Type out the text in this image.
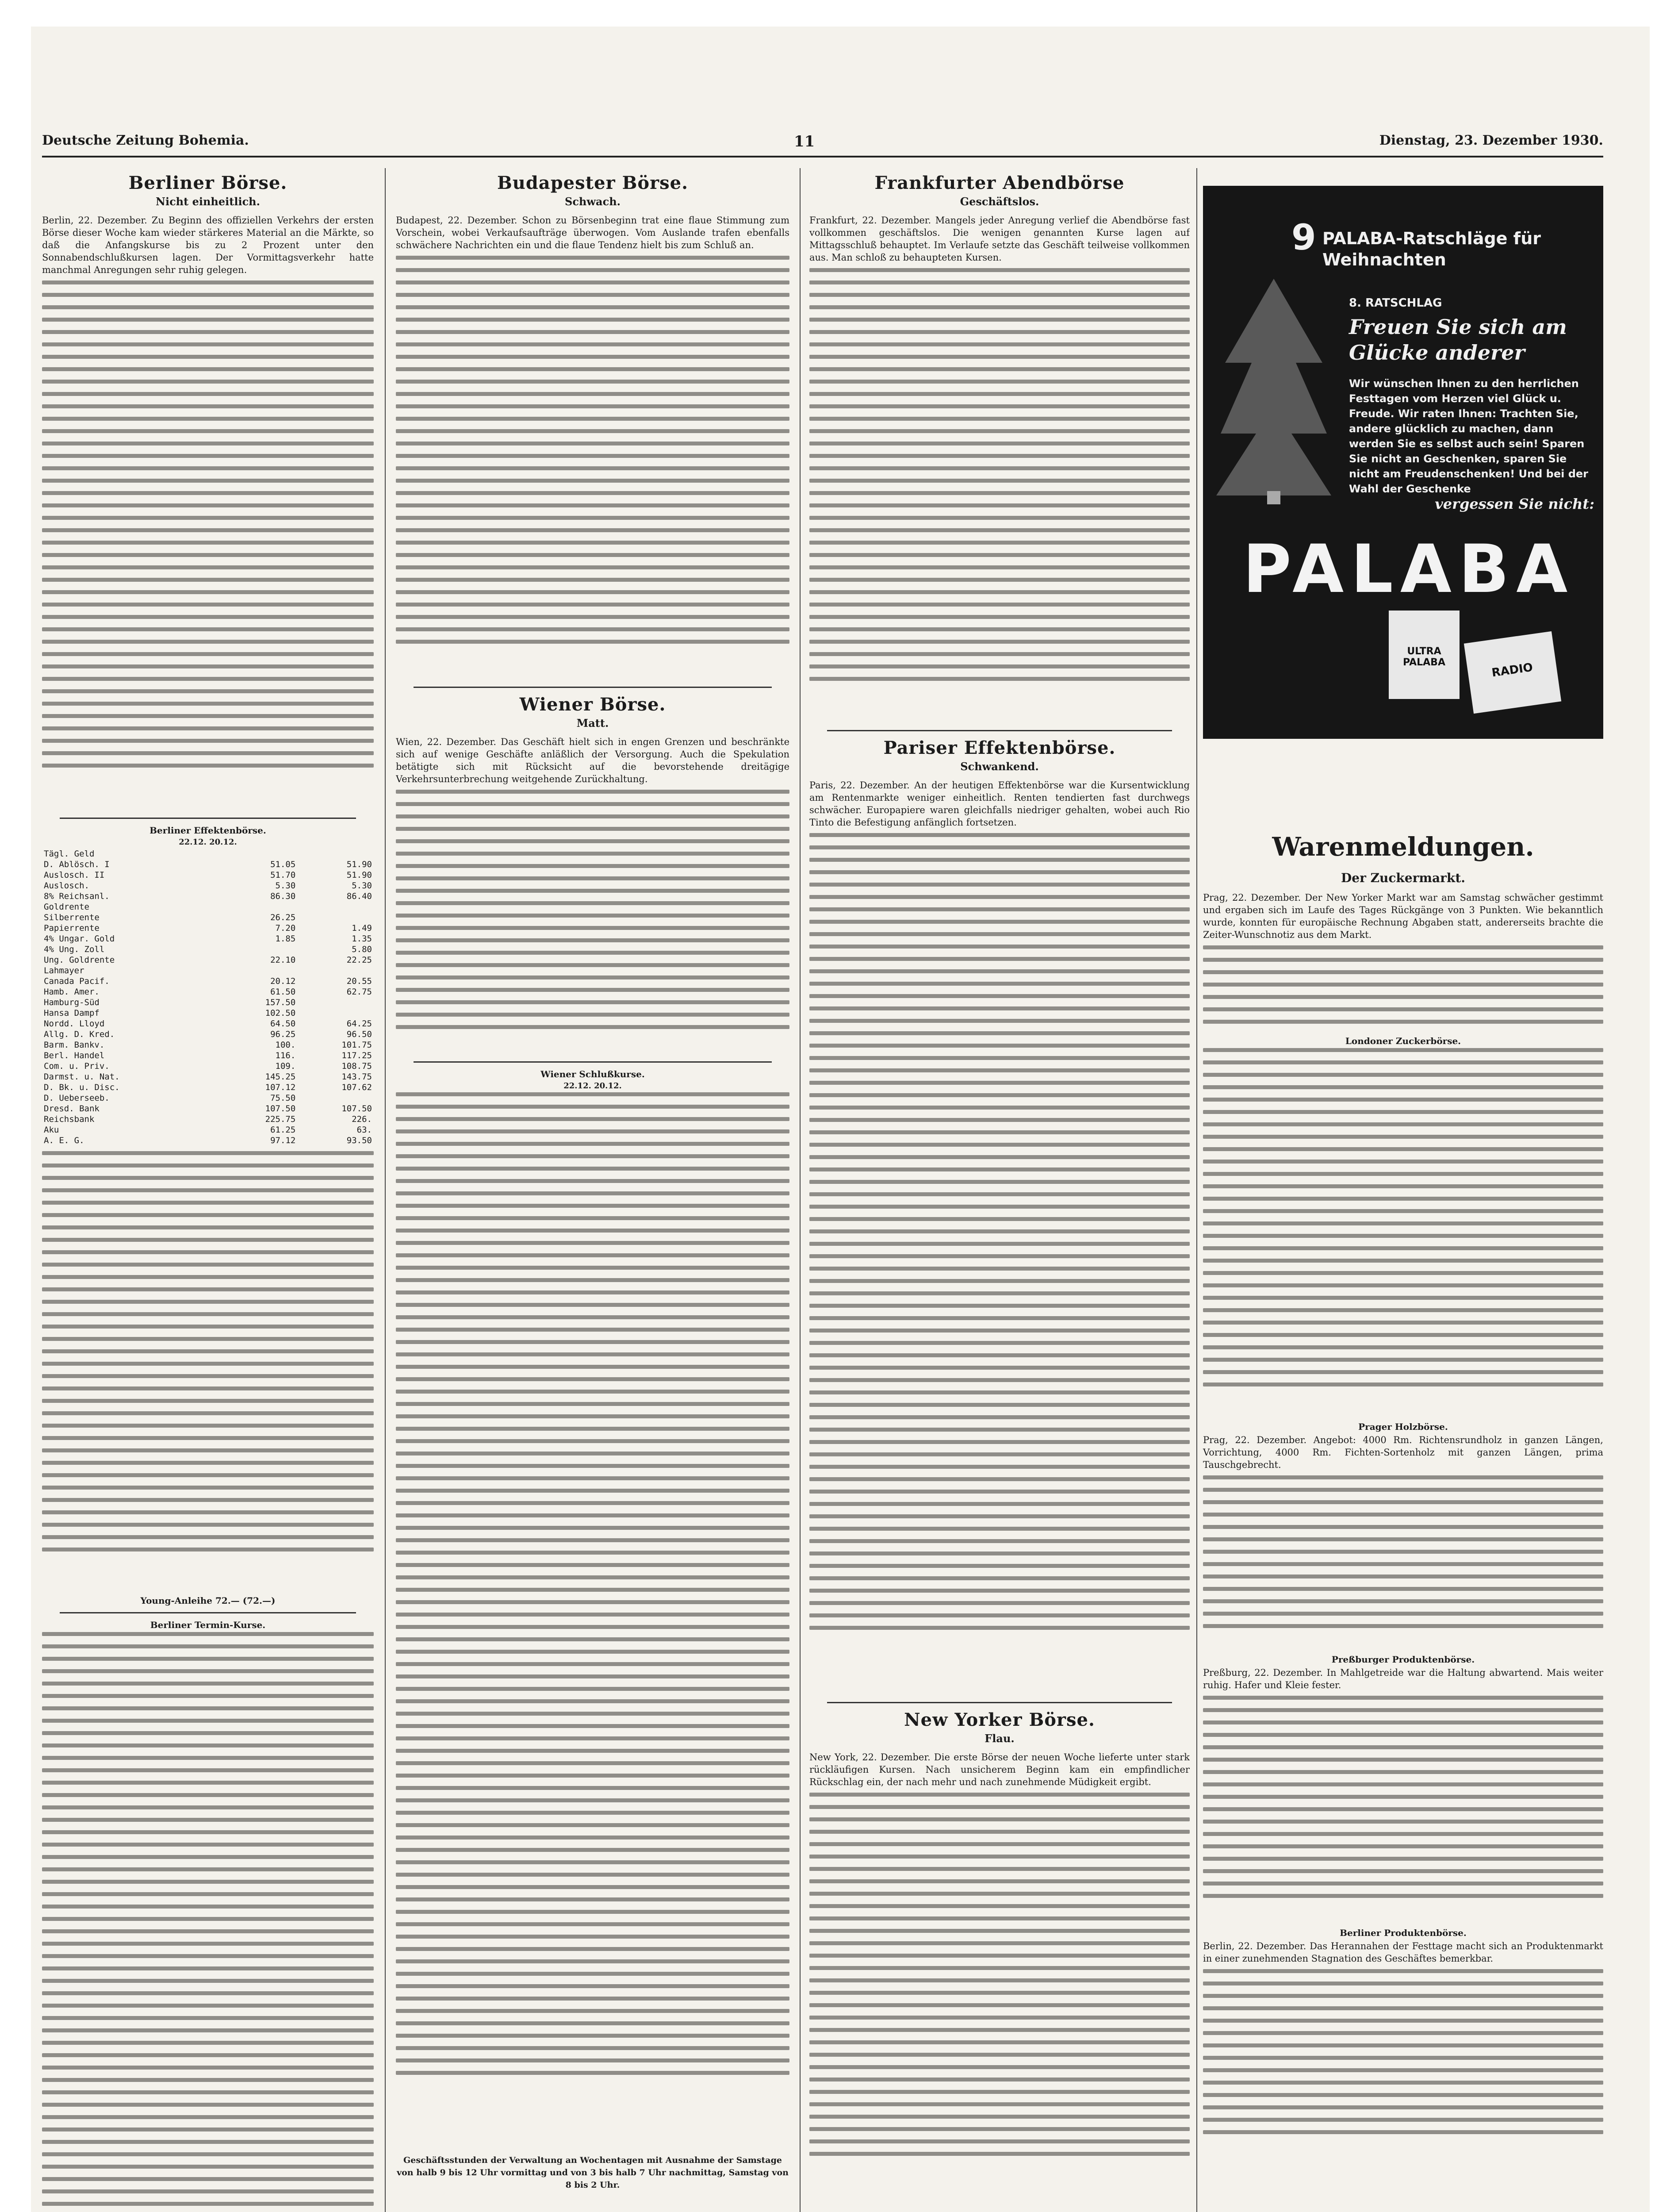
Deutsche Zeitung Bohemia.	11	Dienstag, 23. Dezember 1930.
Berliner Börse.
Nicht einheitlich.

Berlin, 22. Dezember. Zu Beginn des offiziellen Verkehrs der ersten Börse dieser Woche kam wieder stärkeres Material an die Märkte, so daß die Anfangskurse bis zu 2 Prozent unter den Sonnabendschlußkursen lagen. Der Vormittagsverkehr hatte manchmal Anregungen sehr ruhig gelegen.

Berliner Effektenbörse.
22.12. 20.12.
Tägl. Geld		
D. Ablösch. I	51.05	51.90
Auslosch. II	51.70	51.90
Auslosch.	5.30	5.30
8% Reichsanl.	86.30	86.40
Goldrente		
Silberrente	26.25	
Papierrente	7.20	1.49
4% Ungar. Gold	1.85	1.35
4% Ung. Zoll		5.80
Ung. Goldrente	22.10	22.25
Lahmayer		
Canada Pacif.	20.12	20.55
Hamb. Amer.	61.50	62.75
Hamburg-Süd	157.50	
Hansa Dampf	102.50	
Nordd. Lloyd	64.50	64.25
Allg. D. Kred.	96.25	96.50
Barm. Bankv.	100.	101.75
Berl. Handel	116.	117.25
Com. u. Priv.	109.	108.75
Darmst. u. Nat.	145.25	143.75
D. Bk. u. Disc.	107.12	107.62
D. Ueberseeb.	75.50	
Dresd. Bank	107.50	107.50
Reichsbank	225.75	226.
Aku	61.25	63.
A. E. G.	97.12	93.50
Young-Anleihe 72.— (72.—)
Berliner Termin-Kurse.
Budapester Börse.
Schwach.

Budapest, 22. Dezember. Schon zu Börsenbeginn trat eine flaue Stimmung zum Vorschein, wobei Verkaufsaufträge überwogen. Vom Auslande trafen ebenfalls schwächere Nachrichten ein und die flaue Tendenz hielt bis zum Schluß an.

Wiener Börse.
Matt.

Wien, 22. Dezember. Das Geschäft hielt sich in engen Grenzen und beschränkte sich auf wenige Geschäfte anläßlich der Versorgung. Auch die Spekulation betätigte sich mit Rücksicht auf die bevorstehende dreitägige Verkehrsunterbrechung weitgehende Zurückhaltung.

Wiener Schlußkurse.
22.12. 20.12.

Geschäftsstunden der Verwaltung an Wochentagen mit Ausnahme der Samstage von halb 9 bis 12 Uhr vormittag und von 3 bis halb 7 Uhr nachmittag, Samstag von 8 bis 2 Uhr.

Frankfurter Abendbörse
Geschäftslos.

Frankfurt, 22. Dezember. Mangels jeder Anregung verlief die Abendbörse fast vollkommen geschäftslos. Die wenigen genannten Kurse lagen auf Mittagsschluß behauptet. Im Verlaufe setzte das Geschäft teilweise vollkommen aus. Man schloß zu behaupteten Kursen.

Pariser Effektenbörse.
Schwankend.

Paris, 22. Dezember. An der heutigen Effektenbörse war die Kursentwicklung am Rentenmarkte weniger einheitlich. Renten tendierten fast durchwegs schwächer. Europapiere waren gleichfalls niedriger gehalten, wobei auch Rio Tinto die Befestigung anfänglich fortsetzen.

New Yorker Börse.
Flau.

New York, 22. Dezember. Die erste Börse der neuen Woche lieferte unter stark rückläufigen Kursen. Nach unsicherem Beginn kam ein empfindlicher Rückschlag ein, der nach mehr und nach zunehmende Müdigkeit ergibt.

9 PALABA-Ratschläge für Weihnachten
8. RATSCHLAG
Freuen Sie sich am Glücke anderer
Wir wünschen Ihnen zu den herrlichen Festtagen vom Herzen viel Glück u. Freude. Wir raten Ihnen: Trachten Sie, andere glücklich zu machen, dann werden Sie es selbst auch sein! Sparen Sie nicht an Geschenken, sparen Sie nicht am Freudenschenken! Und bei der Wahl der Geschenke
vergessen Sie nicht:
PALABA
ULTRA PALABA	RADIO
Warenmeldungen.
Der Zuckermarkt.

Prag, 22. Dezember. Der New Yorker Markt war am Samstag schwächer gestimmt und ergaben sich im Laufe des Tages Rückgänge von 3 Punkten. Wie bekanntlich wurde, konnten für europäische Rechnung Abgaben statt, andererseits brachte die Zeiter-Wunschnotiz aus dem Markt.

Londoner Zuckerbörse.
Prager Holzbörse.

Prag, 22. Dezember. Angebot: 4000 Rm. Richtensrundholz in ganzen Längen, Vorrichtung, 4000 Rm. Fichten-Sortenholz mit ganzen Längen, prima Tauschgebrecht.

Preßburger Produktenbörse.

Preßburg, 22. Dezember. In Mahlgetreide war die Haltung abwartend. Mais weiter ruhig. Hafer und Kleie fester.

Berliner Produktenbörse.

Berlin, 22. Dezember. Das Herannahen der Festtage macht sich an Produktenmarkt in einer zunehmenden Stagnation des Geschäftes bemerkbar.
